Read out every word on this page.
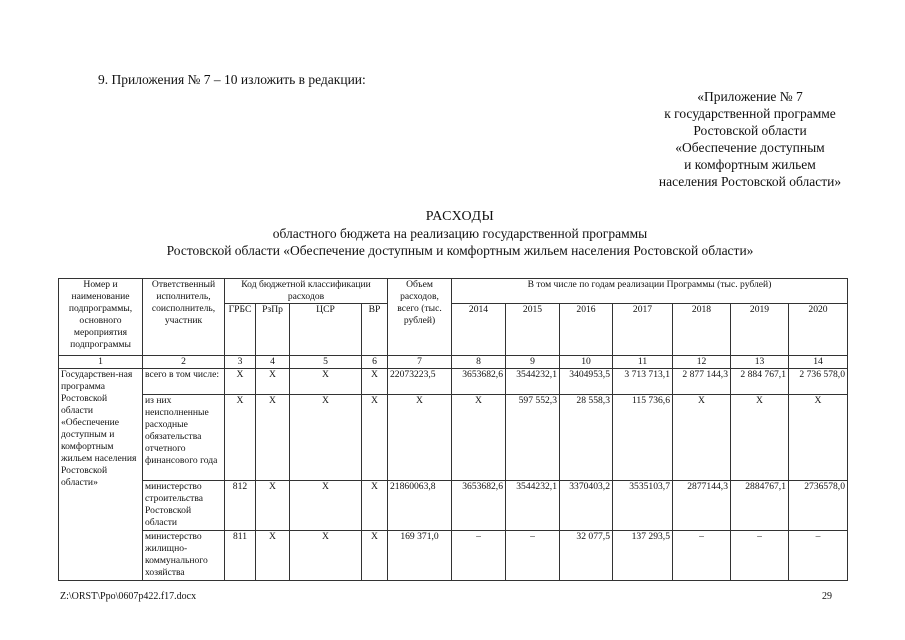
9. Приложения № 7 – 10 изложить в редакции:
«Приложение № 7
к государственной программе
Ростовской области
«Обеспечение доступным
и комфортным жильем
населения Ростовской области»
РАСХОДЫ
областного бюджета на реализацию государственной программы
Ростовской области «Обеспечение доступным и комфортным жильем населения Ростовской области»
Номер и наименование подпрограммы, основного мероприятия подпрограммы	Ответственный исполнитель, соисполнитель, участник	Код бюджетной классификации расходов				Объем расходов, всего (тыс. рублей)	В том числе по годам реализации Программы (тыс. рублей)						
		ГРБС	РзПр	ЦСР	ВР		2014	2015	2016	2017	2018	2019	2020
1	2	3	4	5	6	7	8	9	10	11	12	13	14
Государствен-ная программа Ростовской области «Обеспечение доступным и комфортным жильем населения Ростовской области»	всего в том числе:	Х	Х	Х	Х	22073223,5	3653682,6	3544232,1	3404953,5	3 713 713,1	2 877 144,3	2 884 767,1	2 736 578,0
	из них неисполненные расходные обязательства отчетного финансового года	Х	Х	Х	Х	Х	Х	597 552,3	28 558,3	115 736,6	Х	Х	Х
	министерство строительства Ростовской области	812	Х	Х	Х	21860063,8	3653682,6	3544232,1	3370403,2	3535103,7	2877144,3	2884767,1	2736578,0
	министерство жилищно-коммунального хозяйства	811	Х	Х	Х	169 371,0	–	–	32 077,5	137 293,5	–	–	–
Z:\ORST\Ppo\0607p422.f17.docx	29
